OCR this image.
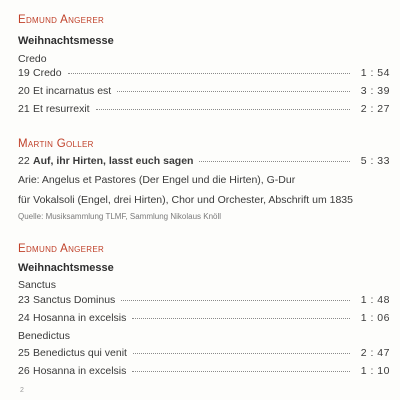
Edmund Angerer
Weihnachtsmesse
Credo
19 Credo	1 : 54
20 Et incarnatus est	3 : 39
21 Et resurrexit	2 : 27
Martin Goller
22 Auf, ihr Hirten, lasst euch sagen	5 : 33
Arie: Angelus et Pastores (Der Engel und die Hirten), G-Dur
für Vokalsoli (Engel, drei Hirten), Chor und Orchester, Abschrift um 1835
Quelle: Musiksammlung TLMF, Sammlung Nikolaus Knöll
Edmund Angerer
Weihnachtsmesse
Sanctus
23 Sanctus Dominus	1 : 48
24 Hosanna in excelsis	1 : 06
Benedictus
25 Benedictus qui venit	2 : 47
26 Hosanna in excelsis	1 : 10
2
